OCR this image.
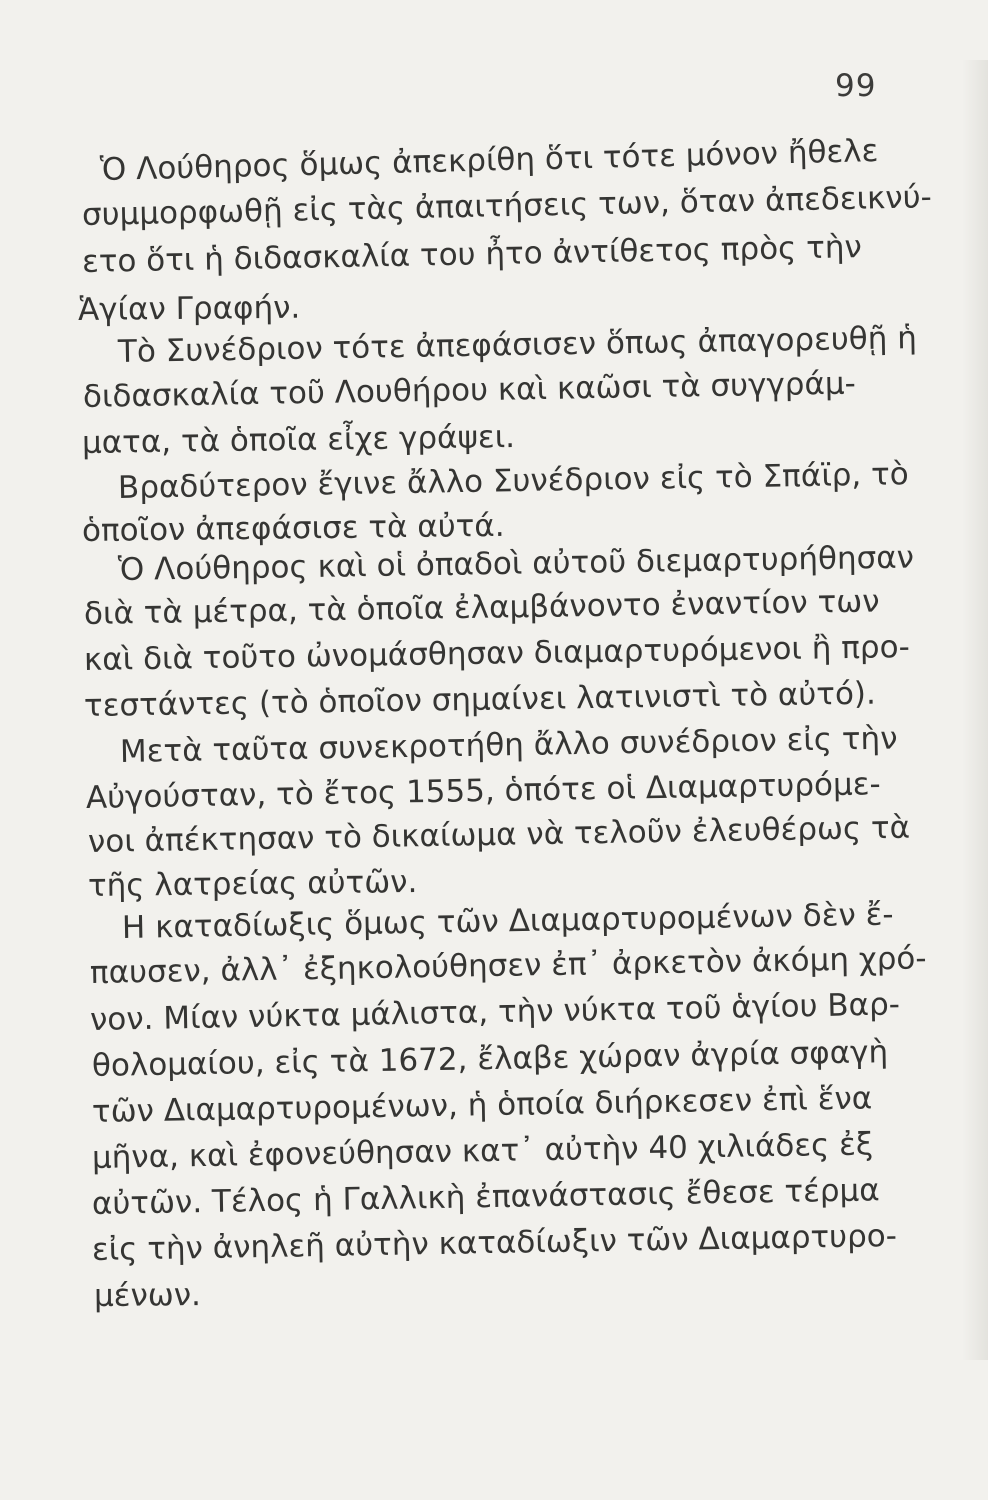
99
Ὁ Λούθηρος ὅμως ἀπεκρίθη ὅτι τότε μόνον ἤθελε
συμμορφωθῇ εἰς τὰς ἀπαιτήσεις των, ὅταν ἀπεδεικνύ-
ετο ὅτι ἡ διδασκαλία του ἦτο ἀντίθετος πρὸς τὴν
Ἁγίαν Γραφήν.
Τὸ Συνέδριον τότε ἀπεφάσισεν ὅπως ἀπαγορευθῇ ἡ
διδασκαλία τοῦ Λουθήρου καὶ καῶσι τὰ συγγράμ-
ματα, τὰ ὁποῖα εἶχε γράψει.
Βραδύτερον ἔγινε ἄλλο Συνέδριον εἰς τὸ Σπάϊρ, τὸ
ὁποῖον ἀπεφάσισε τὰ αὐτά.
Ὁ Λούθηρος καὶ οἱ ὀπαδοὶ αὐτοῦ διεμαρτυρήθησαν
διὰ τὰ μέτρα, τὰ ὁποῖα ἐλαμβάνοντο ἐναντίον των
καὶ διὰ τοῦτο ὠνομάσθησαν διαμαρτυρόμενοι ἢ προ-
τεστάντες (τὸ ὁποῖον σημαίνει λατινιστὶ τὸ αὐτό).
Μετὰ ταῦτα συνεκροτήθη ἄλλο συνέδριον εἰς τὴν
Αὐγούσταν, τὸ ἔτος 1555, ὁπότε οἱ Διαμαρτυρόμε-
νοι ἀπέκτησαν τὸ δικαίωμα νὰ τελοῦν ἐλευθέρως τὰ
τῆς λατρείας αὐτῶν.
Η καταδίωξις ὅμως τῶν Διαμαρτυρομένων δὲν ἔ-
παυσεν, ἀλλ᾽ ἐξηκολούθησεν ἐπ᾽ ἀρκετὸν ἀκόμη χρό-
νον. Μίαν νύκτα μάλιστα, τὴν νύκτα τοῦ ἁγίου Βαρ-
θολομαίου, εἰς τὰ 1672, ἔλαβε χώραν ἀγρία σφαγὴ
τῶν Διαμαρτυρομένων, ἡ ὁποία διήρκεσεν ἐπὶ ἕνα
μῆνα, καὶ ἐφονεύθησαν κατ᾽ αὐτὴν 40 χιλιάδες ἐξ
αὐτῶν. Τέλος ἡ Γαλλικὴ ἐπανάστασις ἔθεσε τέρμα
εἰς τὴν ἀνηλεῆ αὐτὴν καταδίωξιν τῶν Διαμαρτυρο-
μένων.
